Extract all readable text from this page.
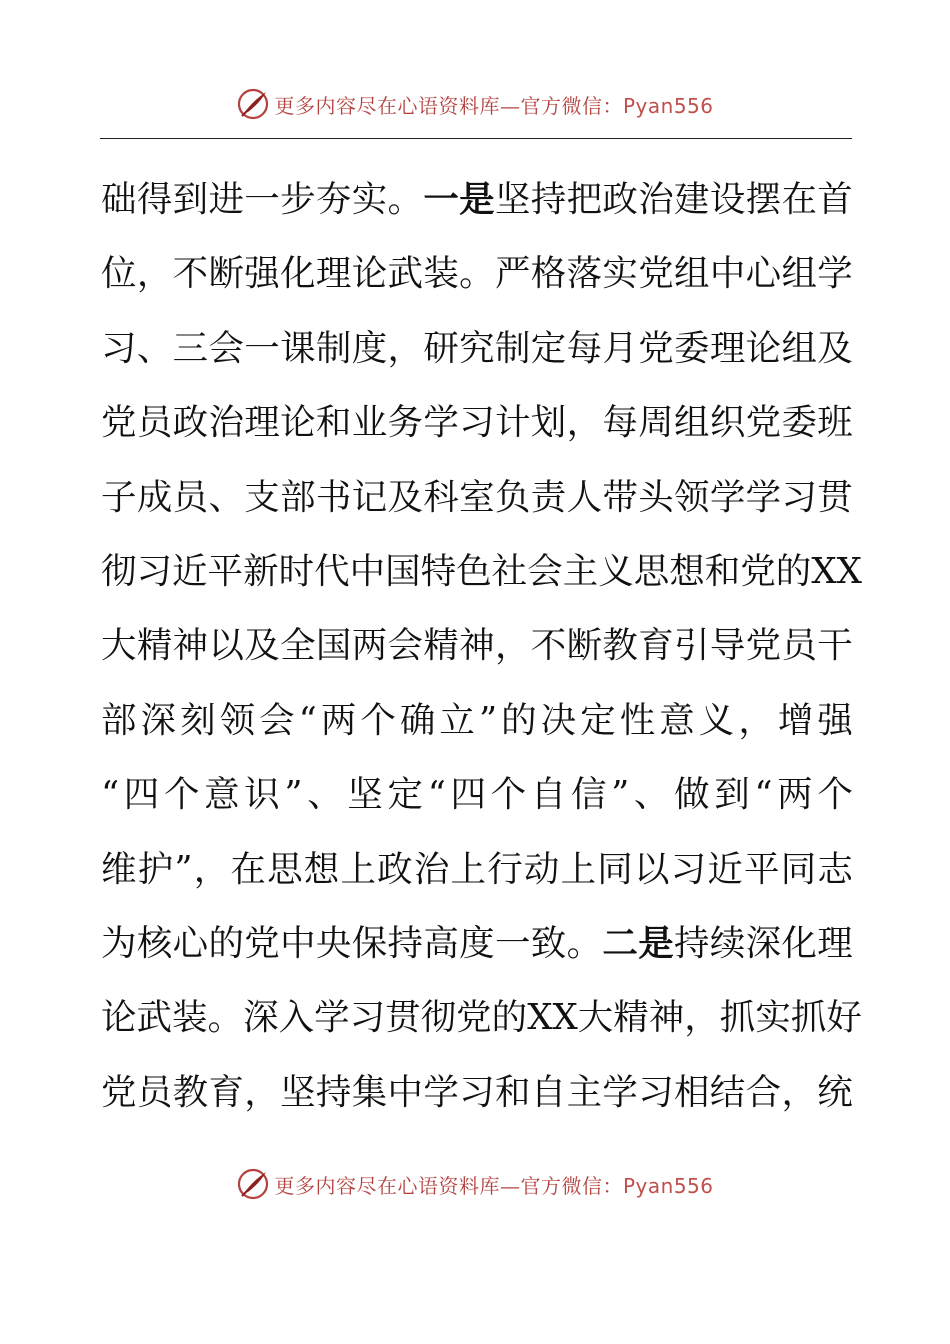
更多内容尽在心语资料库—官方微信：Pyan556
础 得 到 进 一 步 夯 实 。 一 是 坚 持 把 政 治 建 设 摆 在 首
位 ， 不 断 强 化 理 论 武 装 。 严 格 落 实 党 组 中 心 组 学
习 、 三 会 一 课 制 度 ， 研 究 制 定 每 月 党 委 理 论 组 及
党 员 政 治 理 论 和 业 务 学 习 计 划 ， 每 周 组 织 党 委 班
子 成 员 、 支 部 书 记 及 科 室 负 责 人 带 头 领 学 学 习 贯
彻 习 近 平 新 时 代 中 国 特 色 社 会 主 义 思 想 和 党 的 XX
大 精 神 以 及 全 国 两 会 精 神 ， 不 断 教 育 引 导 党 员 干
部 深 刻 领 会 “ 两 个 确 立 ” 的 决 定 性 意 义 ， 增 强
“ 四 个 意 识 ” 、 坚 定 “ 四 个 自 信 ” 、 做 到 “ 两 个
维 护 ” ， 在 思 想 上 政 治 上 行 动 上 同 以 习 近 平 同 志
为 核 心 的 党 中 央 保 持 高 度 一 致 。 二 是 持 续 深 化 理
论 武 装 。 深 入 学 习 贯 彻 党 的 XX 大 精 神 ， 抓 实 抓 好
党 员 教 育 ， 坚 持 集 中 学 习 和 自 主 学 习 相 结 合 ， 统
更多内容尽在心语资料库—官方微信：Pyan556
